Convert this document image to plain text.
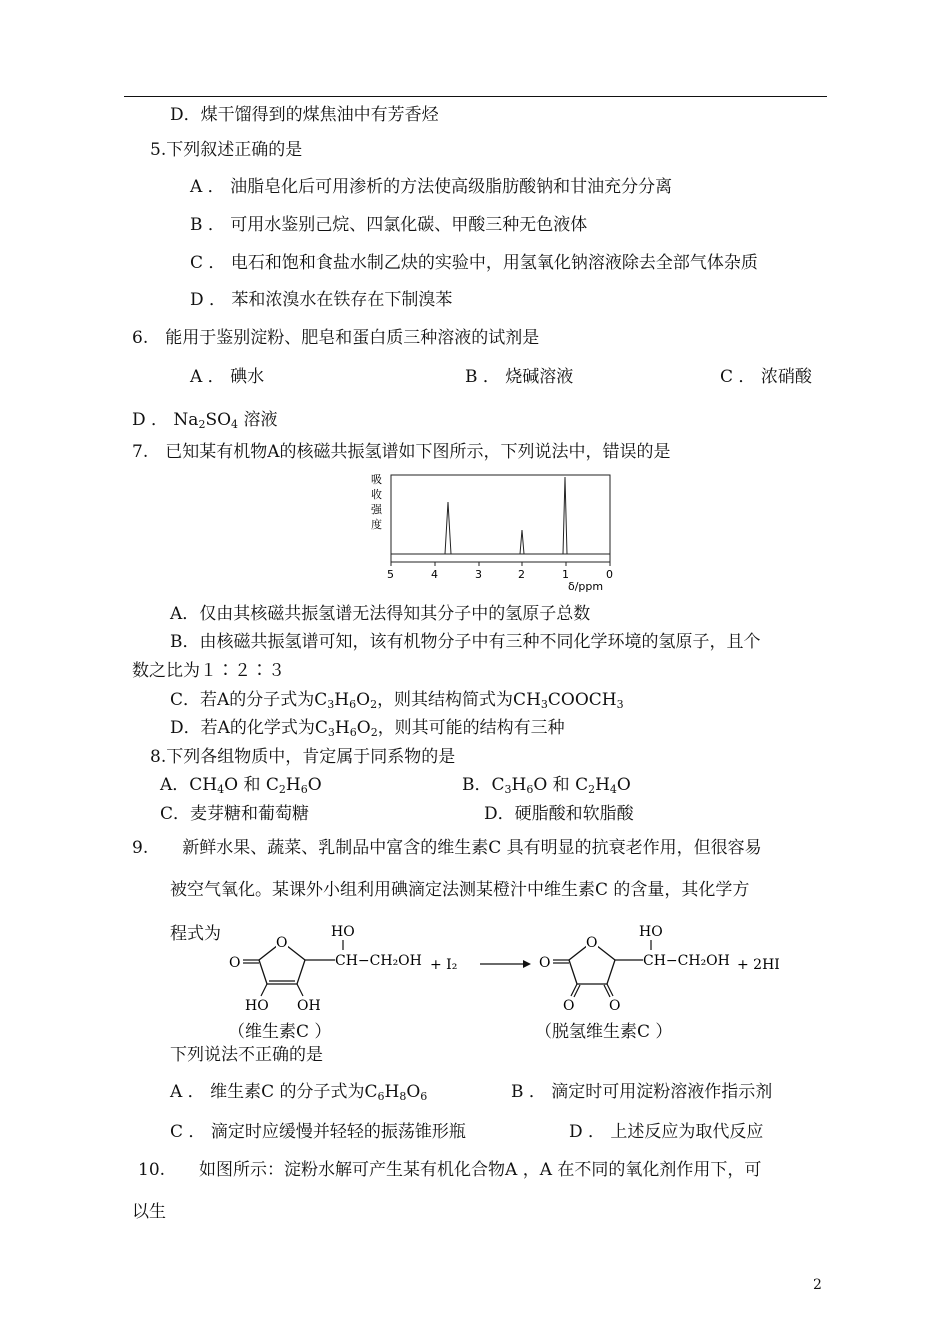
D．煤干馏得到的煤焦油中有芳香烃
5.下列叙述正确的是
A ． 油脂皂化后可用渗析的方法使高级脂肪酸钠和甘油充分分离
B ． 可用水鉴别己烷、四氯化碳、甲酸三种无色液体
C ． 电石和饱和食盐水制乙炔的实验中，用氢氧化钠溶液除去全部气体杂质
D ． 苯和浓溴水在铁存在下制溴苯
6.　能用于鉴别淀粉、肥皂和蛋白质三种溶液的试剂是
A ． 碘水	B ． 烧碱溶液	C ． 浓硝酸
D ． $Na_2SO_4$ 溶液
7.　已知某有机物A的核磁共振氢谱如下图所示，下列说法中，错误的是
吸
收
强
度
5	4	3	2	1	0
δ/ppm
A．仅由其核磁共振氢谱无法得知其分子中的氢原子总数
B．由核磁共振氢谱可知，该有机物分子中有三种不同化学环境的氢原子，且个
数之比为１∶２∶３
C．若A的分子式为$C_3H_6O_2$，则其结构简式为$CH_3COOCH_3$
D．若A的化学式为$C_3H_6O_2$，则其可能的结构有三种
8.下列各组物质中，肯定属于同系物的是
A．$CH_4O$ 和 $C_2H_6O$	B．$C_3H_6O$ 和 $C_2H_4O$
C．麦芽糖和葡萄糖	D．硬脂酸和软脂酸
9.　　新鲜水果、蔬菜、乳制品中富含的维生素C 具有明显的抗衰老作用，但很容易
被空气氧化。某课外小组利用碘滴定法测某橙汁中维生素C 的含量，其化学方
程式为	O
O
HO OH
HO
CH−CH₂OH + I₂
O
O
O O
HO
CH−CH₂OH + 2HI
（维生素C ）	（脱氢维生素C ）
下列说法不正确的是
A ． 维生素C 的分子式为$C_6H_8O_6$	B ． 滴定时可用淀粉溶液作指示剂
C ． 滴定时应缓慢并轻轻的振荡锥形瓶	D ． 上述反应为取代反应
10.　　如图所示：淀粉水解可产生某有机化合物A ，A 在不同的氧化剂作用下，可
以生
2
